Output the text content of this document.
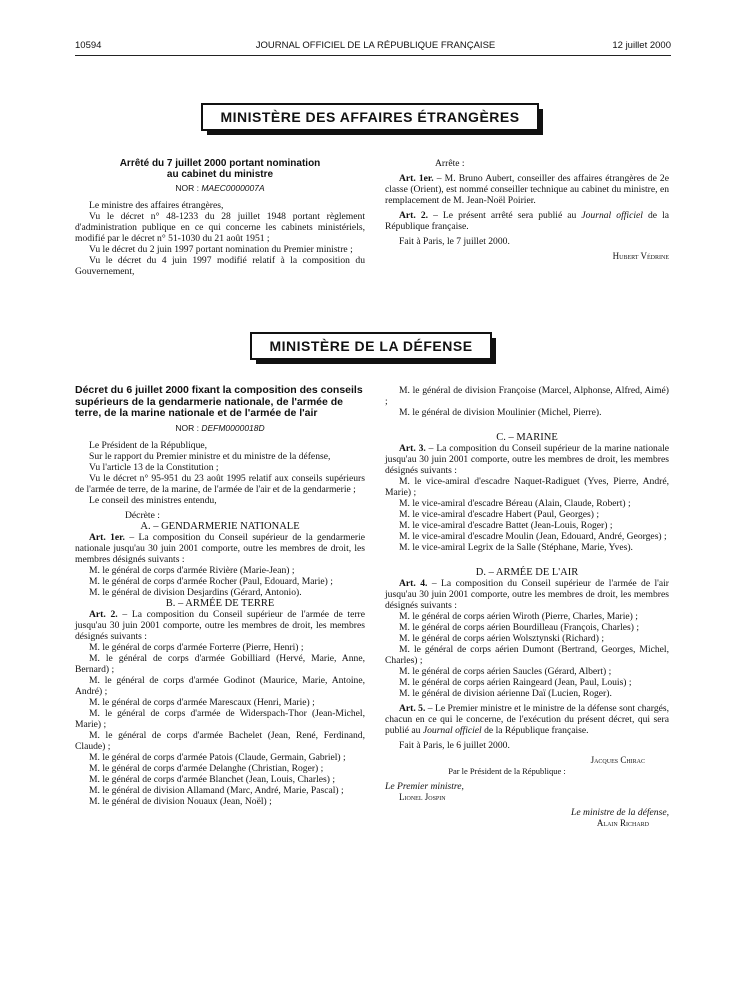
10594	JOURNAL OFFICIEL DE LA RÉPUBLIQUE FRANÇAISE	12 juillet 2000
MINISTÈRE DES AFFAIRES ÉTRANGÈRES
Arrêté du 7 juillet 2000 portant nomination
au cabinet du ministre
NOR : MAEC0000007A

Le ministre des affaires étrangères,

Vu le décret n° 48-1233 du 28 juillet 1948 portant règlement d'administration publique en ce qui concerne les cabinets ministériels, modifié par le décret n° 51-1030 du 21 août 1951 ;

Vu le décret du 2 juin 1997 portant nomination du Premier ministre ;

Vu le décret du 4 juin 1997 modifié relatif à la composition du Gouvernement,

Arrête :

Art. 1er. – M. Bruno Aubert, conseiller des affaires étrangères de 2e classe (Orient), est nommé conseiller technique au cabinet du ministre, en remplacement de M. Jean-Noël Poirier.

Art. 2. – Le présent arrêté sera publié au Journal officiel de la République française.

Fait à Paris, le 7 juillet 2000.

Hubert Védrine

MINISTÈRE DE LA DÉFENSE
Décret du 6 juillet 2000 fixant la composition des conseils supérieurs de la gendarmerie nationale, de l'armée de terre, de la marine nationale et de l'armée de l'air
NOR : DEFM0000018D

Le Président de la République,

Sur le rapport du Premier ministre et du ministre de la défense,

Vu l'article 13 de la Constitution ;

Vu le décret n° 95-951 du 23 août 1995 relatif aux conseils supérieurs de l'armée de terre, de la marine, de l'armée de l'air et de la gendarmerie ;

Le conseil des ministres entendu,

Décrète :

A. – GENDARMERIE NATIONALE

Art. 1er. – La composition du Conseil supérieur de la gendarmerie nationale jusqu'au 30 juin 2001 comporte, outre les membres de droit, les membres désignés suivants :

M. le général de corps d'armée Rivière (Marie-Jean) ;

M. le général de corps d'armée Rocher (Paul, Edouard, Marie) ;

M. le général de division Desjardins (Gérard, Antonio).

B. – ARMÉE DE TERRE

Art. 2. – La composition du Conseil supérieur de l'armée de terre jusqu'au 30 juin 2001 comporte, outre les membres de droit, les membres désignés suivants :

M. le général de corps d'armée Forterre (Pierre, Henri) ;

M. le général de corps d'armée Gobilliard (Hervé, Marie, Anne, Bernard) ;

M. le général de corps d'armée Godinot (Maurice, Marie, Antoine, André) ;

M. le général de corps d'armée Marescaux (Henri, Marie) ;

M. le général de corps d'armée de Widerspach-Thor (Jean-Michel, Marie) ;

M. le général de corps d'armée Bachelet (Jean, René, Ferdinand, Claude) ;

M. le général de corps d'armée Patois (Claude, Germain, Gabriel) ;

M. le général de corps d'armée Delanghe (Christian, Roger) ;

M. le général de corps d'armée Blanchet (Jean, Louis, Charles) ;

M. le général de division Allamand (Marc, André, Marie, Pascal) ;

M. le général de division Nouaux (Jean, Noël) ;

M. le général de division Françoise (Marcel, Alphonse, Alfred, Aimé) ;

M. le général de division Moulinier (Michel, Pierre).

C. – MARINE

Art. 3. – La composition du Conseil supérieur de la marine nationale jusqu'au 30 juin 2001 comporte, outre les membres de droit, les membres désignés suivants :

M. le vice-amiral d'escadre Naquet-Radiguet (Yves, Pierre, André, Marie) ;

M. le vice-amiral d'escadre Béreau (Alain, Claude, Robert) ;

M. le vice-amiral d'escadre Habert (Paul, Georges) ;

M. le vice-amiral d'escadre Battet (Jean-Louis, Roger) ;

M. le vice-amiral d'escadre Moulin (Jean, Edouard, André, Georges) ;

M. le vice-amiral Legrix de la Salle (Stéphane, Marie, Yves).

D. – ARMÉE DE L'AIR

Art. 4. – La composition du Conseil supérieur de l'armée de l'air jusqu'au 30 juin 2001 comporte, outre les membres de droit, les membres désignés suivants :

M. le général de corps aérien Wiroth (Pierre, Charles, Marie) ;

M. le général de corps aérien Bourdilleau (François, Charles) ;

M. le général de corps aérien Wolsztynski (Richard) ;

M. le général de corps aérien Dumont (Bertrand, Georges, Michel, Charles) ;

M. le général de corps aérien Saucles (Gérard, Albert) ;

M. le général de corps aérien Raingeard (Jean, Paul, Louis) ;

M. le général de division aérienne Daï (Lucien, Roger).

Art. 5. – Le Premier ministre et le ministre de la défense sont chargés, chacun en ce qui le concerne, de l'exécution du présent décret, qui sera publié au Journal officiel de la République française.

Fait à Paris, le 6 juillet 2000.

Jacques Chirac

Par le Président de la République :

Le Premier ministre,

Lionel Jospin

Le ministre de la défense,

Alain Richard
